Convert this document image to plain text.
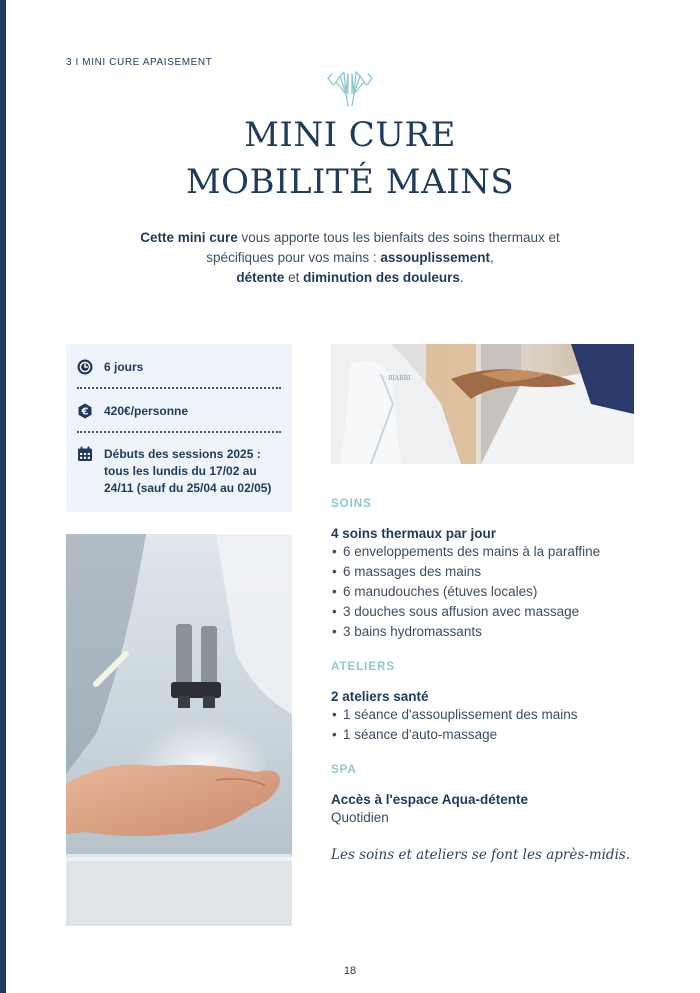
3 I MINI CURE APAISEMENT
MINI CURE
MOBILITÉ MAINS
Cette mini cure vous apporte tous les bienfaits des soins thermaux et spécifiques pour vos mains : assouplissement,
détente et diminution des douleurs.
6 jours
€ 420€/personne
Débuts des sessions 2025 :
tous les lundis du 17/02 au
24/11 (sauf du 25/04 au 02/05)
BIARRI

SOINS

4 soins thermaux par jour

• 6 enveloppements des mains à la paraffine
• 6 massages des mains
• 6 manudouches (étuves locales)
• 3 douches sous affusion avec massage
• 3 bains hydromassants

ATELIERS

2 ateliers santé

• 1 séance d'assouplissement des mains
• 1 séance d'auto-massage

SPA

Accès à l'espace Aqua-détente

Quotidien
Les soins et ateliers se font les après-midis.
18
